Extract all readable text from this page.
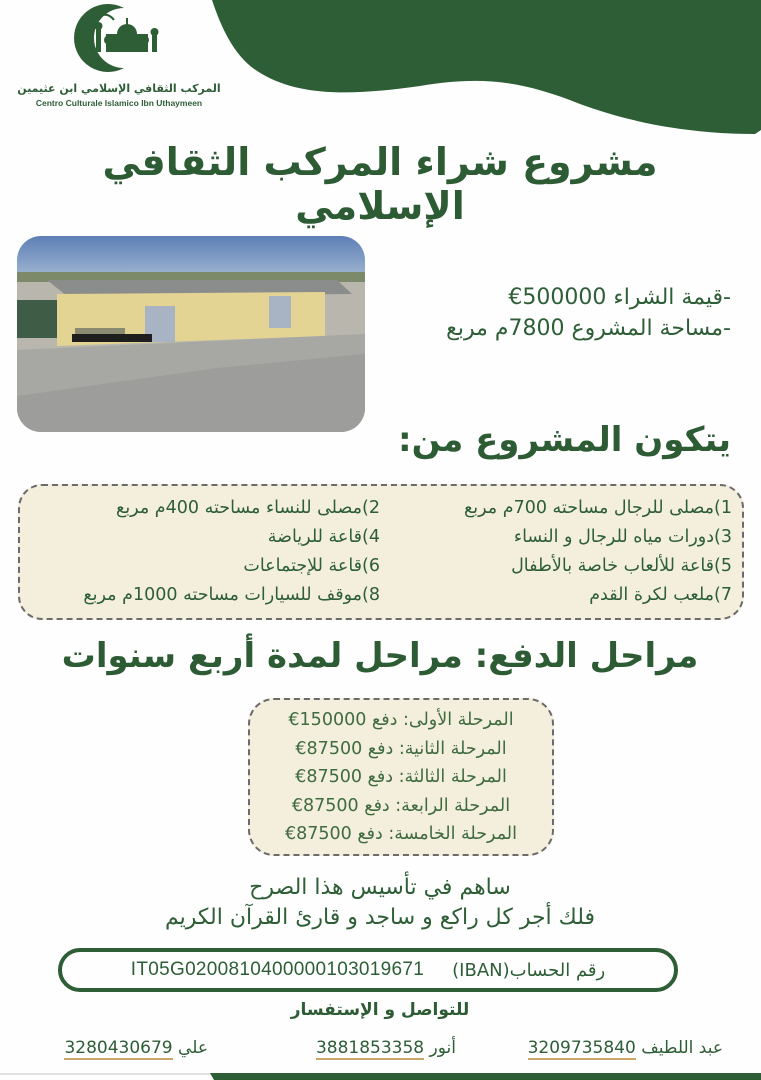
المركب الثقافي الإسلامي ابن عثيمين
Centro Culturale Islamico Ibn Uthaymeen
مشروع شراء المركب الثقافي الإسلامي
-قيمة الشراء 500000€
-مساحة المشروع 7800م مربع
يتكون المشروع من:
1)مصلى للرجال مساحته 700م مربع
3)دورات مياه للرجال و النساء
5)قاعة للألعاب خاصة بالأطفال
7)ملعب لكرة القدم
2)مصلى للنساء مساحته 400م مربع
4)قاعة للرياضة
6)قاعة للإجتماعات
8)موقف للسيارات مساحته 1000م مربع
مراحل الدفع: مراحل لمدة أربع سنوات
المرحلة الأولى: دفع 150000€
المرحلة الثانية: دفع 87500€
المرحلة الثالثة: دفع 87500€
المرحلة الرابعة: دفع 87500€
المرحلة الخامسة: دفع 87500€
ساهم في تأسيس هذا الصرح
فلك أجر كل راكع و ساجد و قارئ القرآن الكريم
رقم الحساب(IBAN)
IT05G0200810400000103019671
للتواصل و الإستفسار
عبد اللطيف 3209735840
أنور 3881853358
علي 3280430679
